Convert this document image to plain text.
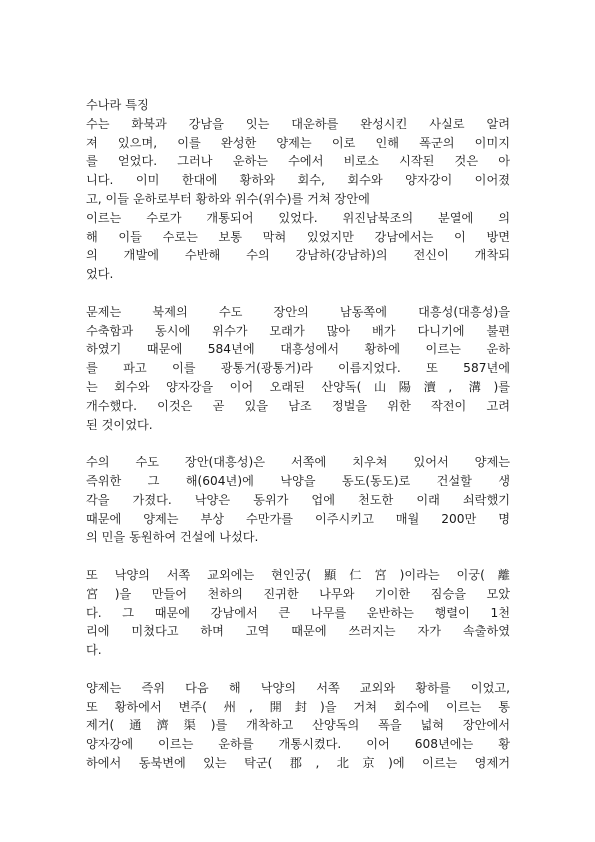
수나라 특징
수는 화북과 강남을 잇는 대운하를 완성시킨 사실로 알려
져 있으며, 이를 완성한 양제는 이로 인해 폭군의 이미지
를 얻었다. 그러나 운하는 수에서 비로소 시작된 것은 아
니다. 이미 한대에 황하와 회수, 회수와 양자강이 이어졌
고, 이들 운하로부터 황하와 위수(위수)를 거쳐 장안에
이르는 수로가 개통되어 있었다. 위진남북조의 분열에 의
해 이들 수로는 보통 막혀 있었지만 강남에서는 이 방면
의 개발에 수반해 수의 강남하(강남하)의 전신이 개착되
었다.
문제는 북제의 수도 장안의 남동쪽에 대흥성(대흥성)을
수축함과 동시에 위수가 모래가 많아 배가 다니기에 불편
하였기 때문에 584년에 대흥성에서 황하에 이르는 운하
를 파고 이를 광통거(광통거)라 이름지었다. 또 587년에
는 회수와 양자강을 이어 오래된 산양독(山陽瀆, 溝)를
개수했다. 이것은 곧 있을 남조 정벌을 위한 작전이 고려
된 것이었다.
수의 수도 장안(대흥성)은 서쪽에 치우쳐 있어서 양제는
즉위한 그 해(604년)에 낙양을 동도(동도)로 건설할 생
각을 가졌다. 낙양은 동위가 업에 천도한 이래 쇠락했기
때문에 양제는 부상 수만가를 이주시키고 매월 200만 명
의 민을 동원하여 건설에 나섰다.
또 낙양의 서쪽 교외에는 현인궁(顯仁宮)이라는 이궁(離
宮)을 만들어 천하의 진귀한 나무와 기이한 짐승을 모았
다. 그 때문에 강남에서 큰 나무를 운반하는 행렬이 1천
리에 미쳤다고 하며 고역 때문에 쓰러지는 자가 속출하였
다.
양제는 즉위 다음 해 낙양의 서쪽 교외와 황하를 이었고,
또 황하에서 변주( 州, 開封)을 거쳐 회수에 이르는 통
제거(通濟渠)를 개착하고 산양독의 폭을 넓혀 장안에서
양자강에 이르는 운하를 개통시켰다. 이어 608년에는 황
하에서 동북변에 있는 탁군( 郡, 北京)에 이르는 영제거
